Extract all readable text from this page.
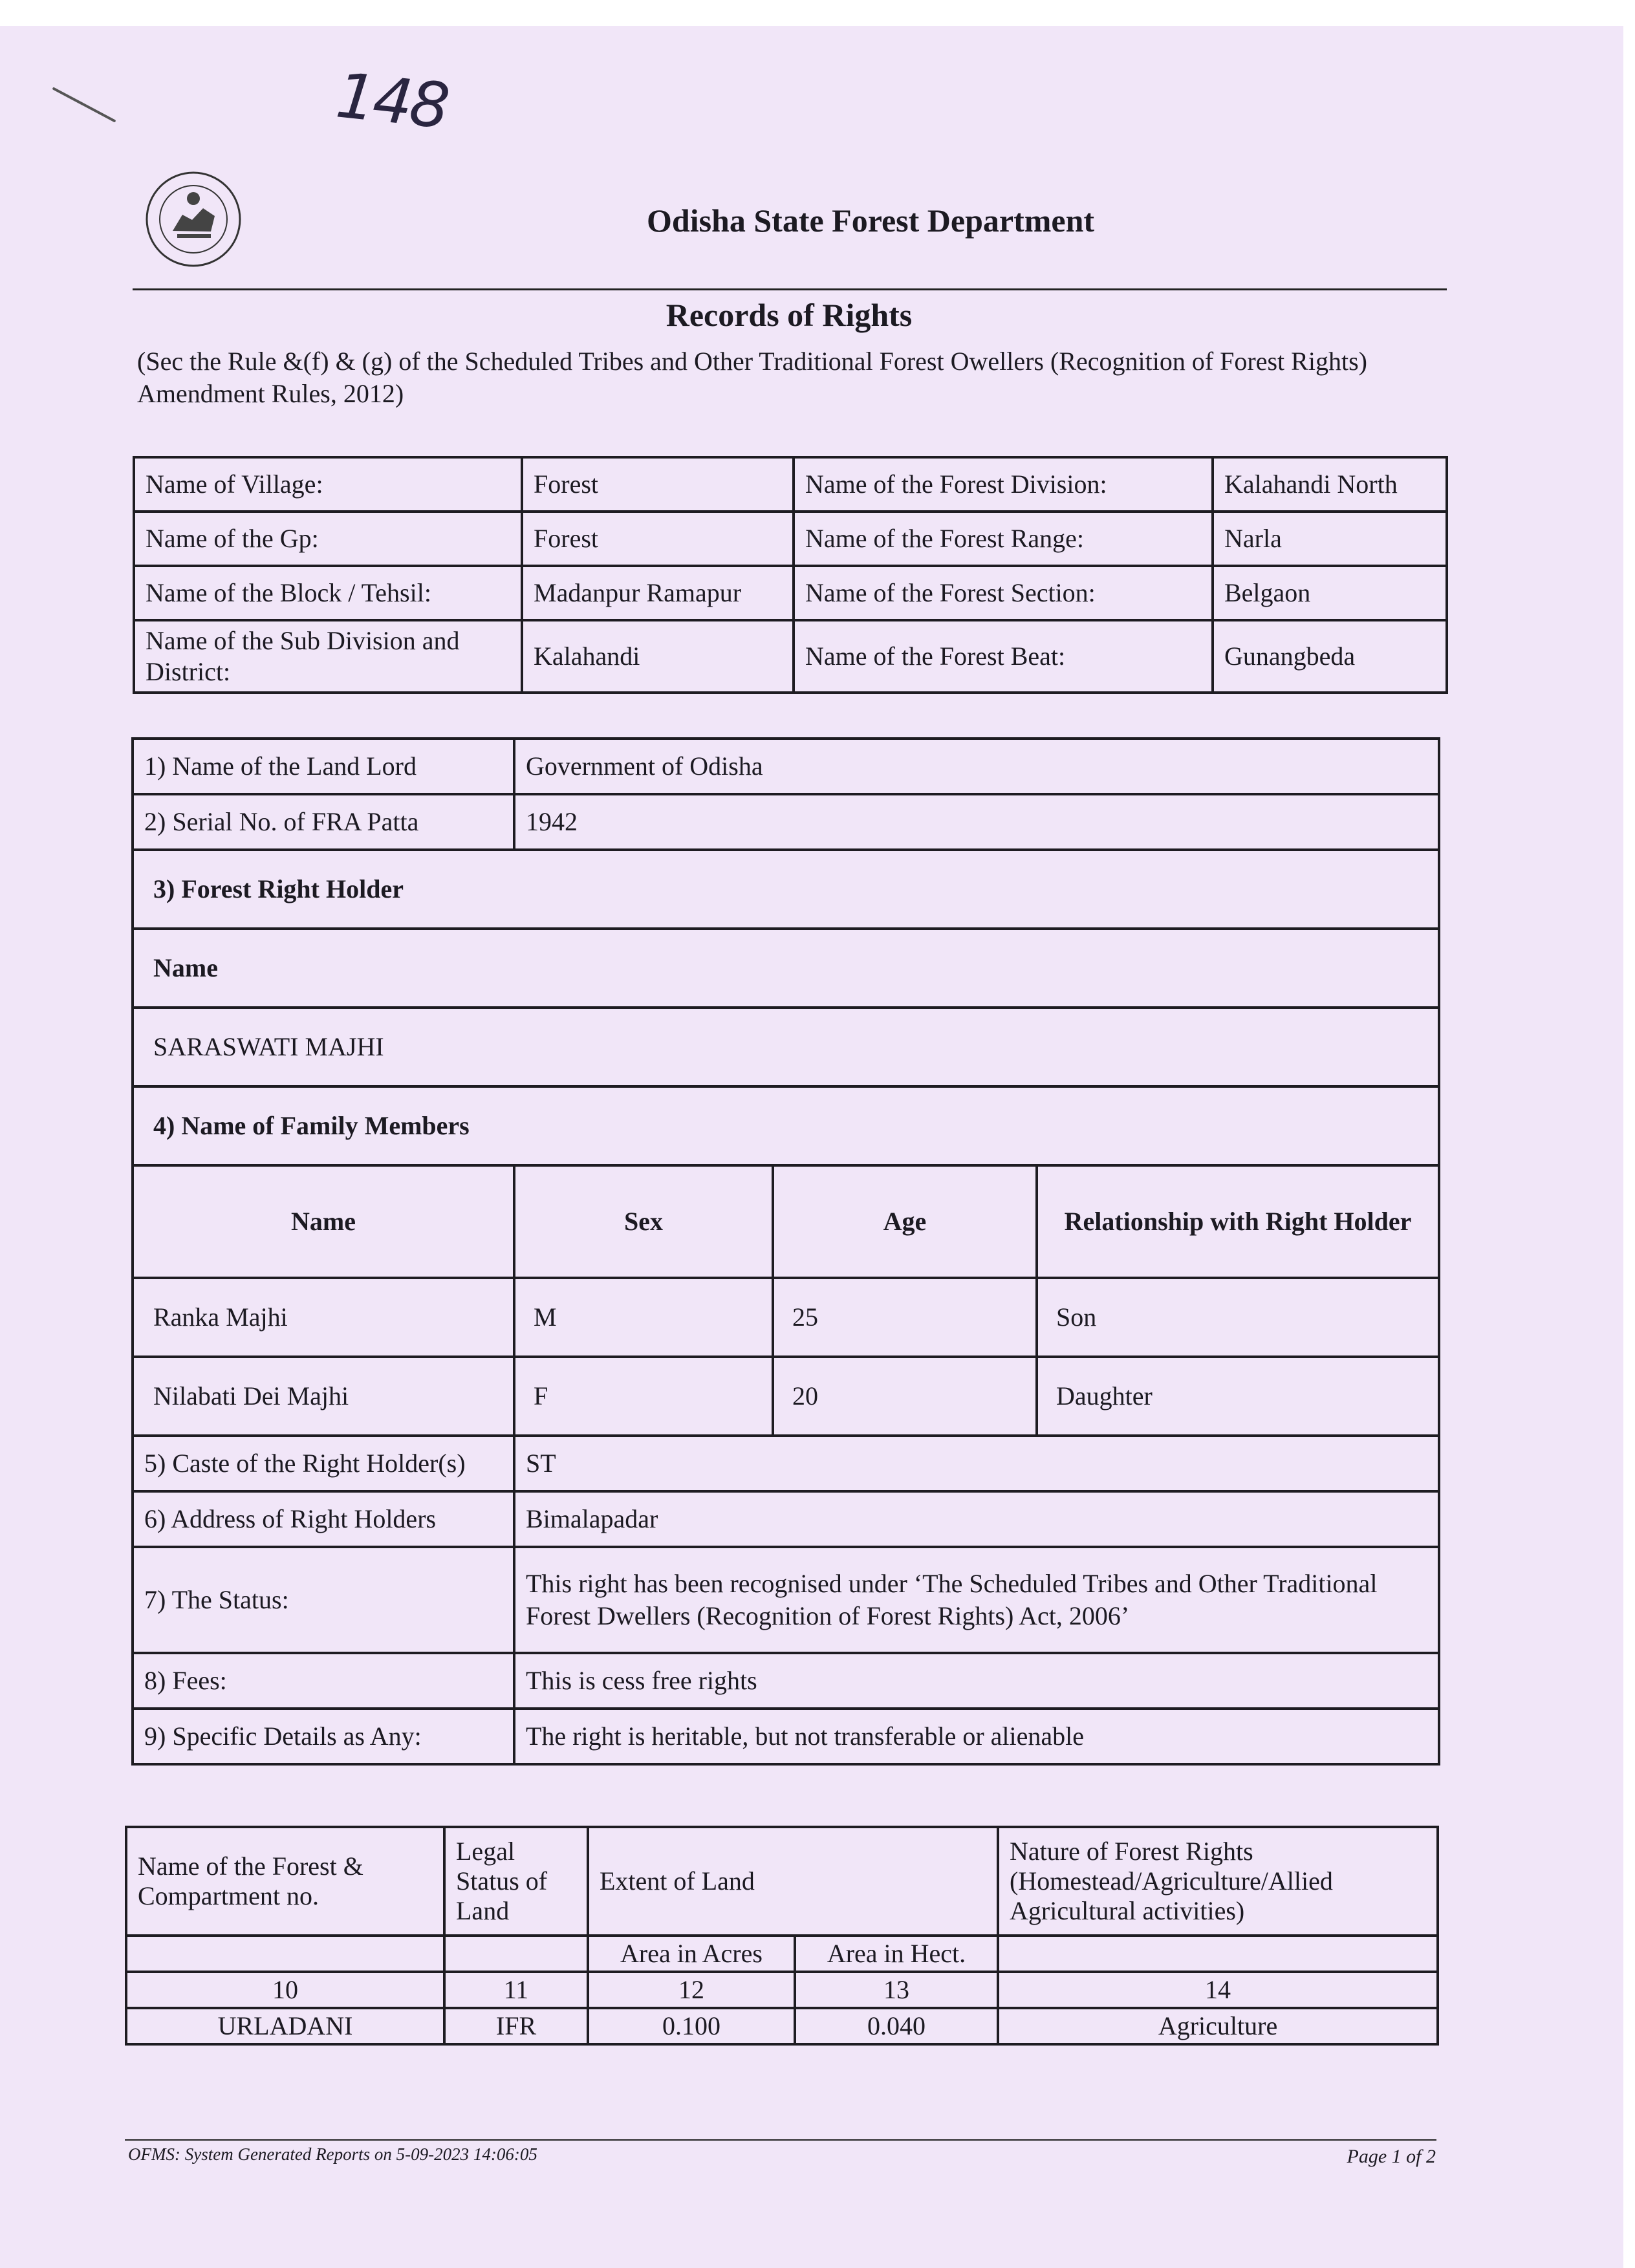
148
Odisha State Forest Department
Records of Rights
(Sec the Rule &(f) & (g) of the Scheduled Tribes and Other Traditional Forest Owellers (Recognition of Forest Rights) Amendment Rules, 2012)
Name of Village:	Forest	Name of the Forest Division:	Kalahandi North
Name of the Gp:	Forest	Name of the Forest Range:	Narla
Name of the Block / Tehsil:	Madanpur Ramapur	Name of the Forest Section:	Belgaon
Name of the Sub Division and District:	Kalahandi	Name of the Forest Beat:	Gunangbeda
1) Name of the Land Lord	Government of Odisha		
2) Serial No. of FRA Patta	1942		
3) Forest Right Holder			
Name			
SARASWATI MAJHI			
4) Name of Family Members			
Name	Sex	Age	Relationship with Right Holder
Ranka Majhi	M	25	Son
Nilabati Dei Majhi	F	20	Daughter
5) Caste of the Right Holder(s)	ST		
6) Address of Right Holders	Bimalapadar		
7) The Status:	This right has been recognised under ‘The Scheduled Tribes and Other Traditional
Forest Dwellers (Recognition of Forest Rights) Act, 2006’		

8) Fees:	This is cess free rights		
9) Specific Details as Any:	The right is heritable, but not transferable or alienable		
Name of the Forest & Compartment no.	Legal Status of Land	Extent of Land		Nature of Forest Rights (Homestead/Agriculture/Allied Agricultural activities)
		Area in Acres	Area in Hect.	
10	11	12	13	14
URLADANI	IFR	0.100	0.040	Agriculture
OFMS: System Generated Reports on 5-09-2023 14:06:05	Page 1 of 2
